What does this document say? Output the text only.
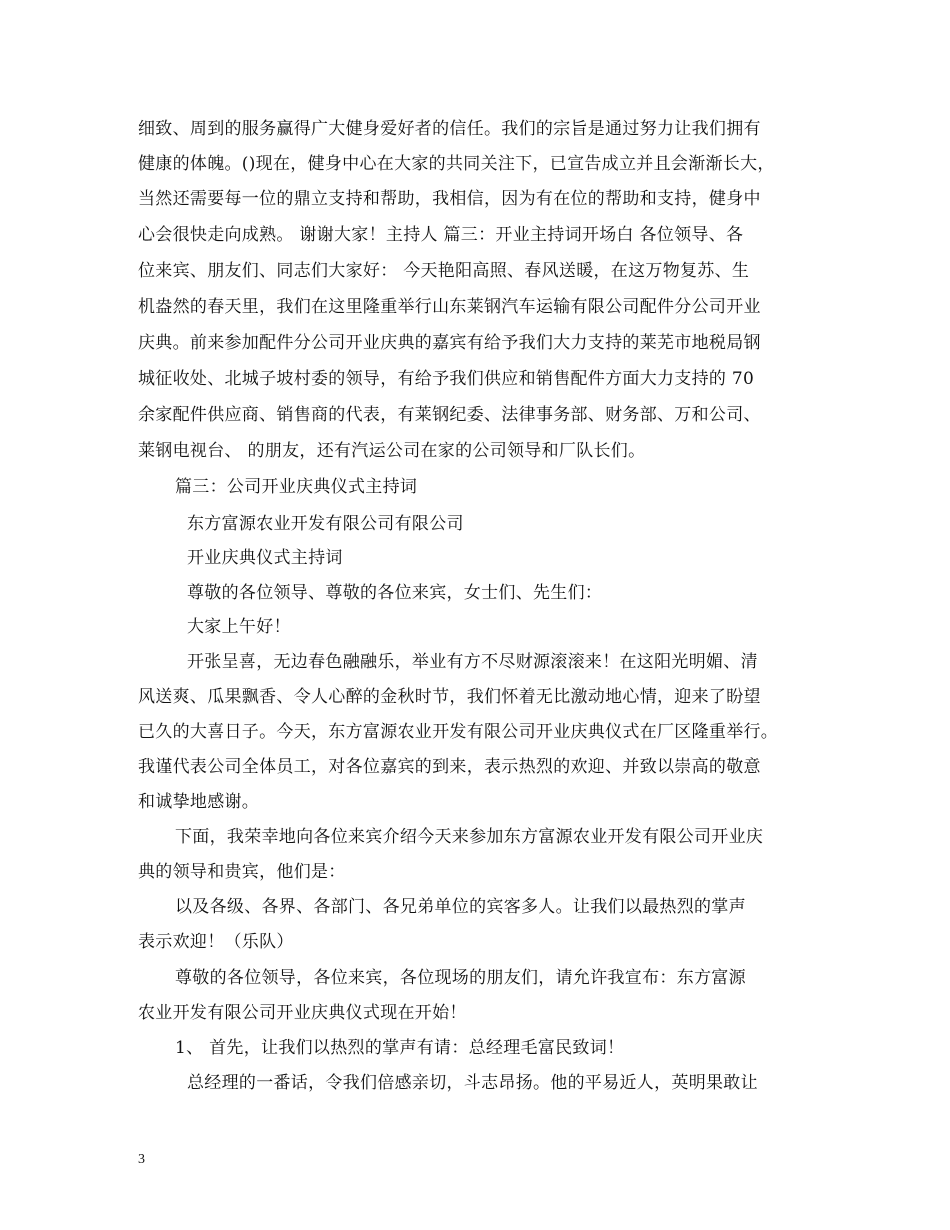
细致、周到的服务赢得广大健身爱好者的信任。我们的宗旨是通过努力让我们拥有
健康的体魄。()现在，健身中心在大家的共同关注下，已宣告成立并且会渐渐长大，
当然还需要每一位的鼎立支持和帮助，我相信，因为有在位的帮助和支持，健身中
心会很快走向成熟。 谢谢大家！主持人 篇三：开业主持词开场白 各位领导、各
位来宾、朋友们、同志们大家好： 今天艳阳高照、春风送暖，在这万物复苏、生
机盎然的春天里，我们在这里隆重举行山东莱钢汽车运输有限公司配件分公司开业
庆典。前来参加配件分公司开业庆典的嘉宾有给予我们大力支持的莱芜市地税局钢
城征收处、北城子坡村委的领导，有给予我们供应和销售配件方面大力支持的 70
余家配件供应商、销售商的代表，有莱钢纪委、法律事务部、财务部、万和公司、
莱钢电视台、 的朋友，还有汽运公司在家的公司领导和厂队长们。
篇三：公司开业庆典仪式主持词
东方富源农业开发有限公司有限公司
开业庆典仪式主持词
尊敬的各位领导、尊敬的各位来宾，女士们、先生们：
大家上午好！
开张呈喜，无边春色融融乐，举业有方不尽财源滚滚来！在这阳光明媚、清
风送爽、瓜果飘香、令人心醉的金秋时节，我们怀着无比激动地心情，迎来了盼望
已久的大喜日子。今天，东方富源农业开发有限公司开业庆典仪式在厂区隆重举行。
我谨代表公司全体员工，对各位嘉宾的到来，表示热烈的欢迎、并致以崇高的敬意
和诚挚地感谢。
下面，我荣幸地向各位来宾介绍今天来参加东方富源农业开发有限公司开业庆
典的领导和贵宾，他们是：
以及各级、各界、各部门、各兄弟单位的宾客多人。让我们以最热烈的掌声
表示欢迎！（乐队）
尊敬的各位领导，各位来宾，各位现场的朋友们，请允许我宣布：东方富源
农业开发有限公司开业庆典仪式现在开始！
1、 首先，让我们以热烈的掌声有请：总经理毛富民致词！
总经理的一番话，令我们倍感亲切，斗志昂扬。他的平易近人，英明果敢让
3
